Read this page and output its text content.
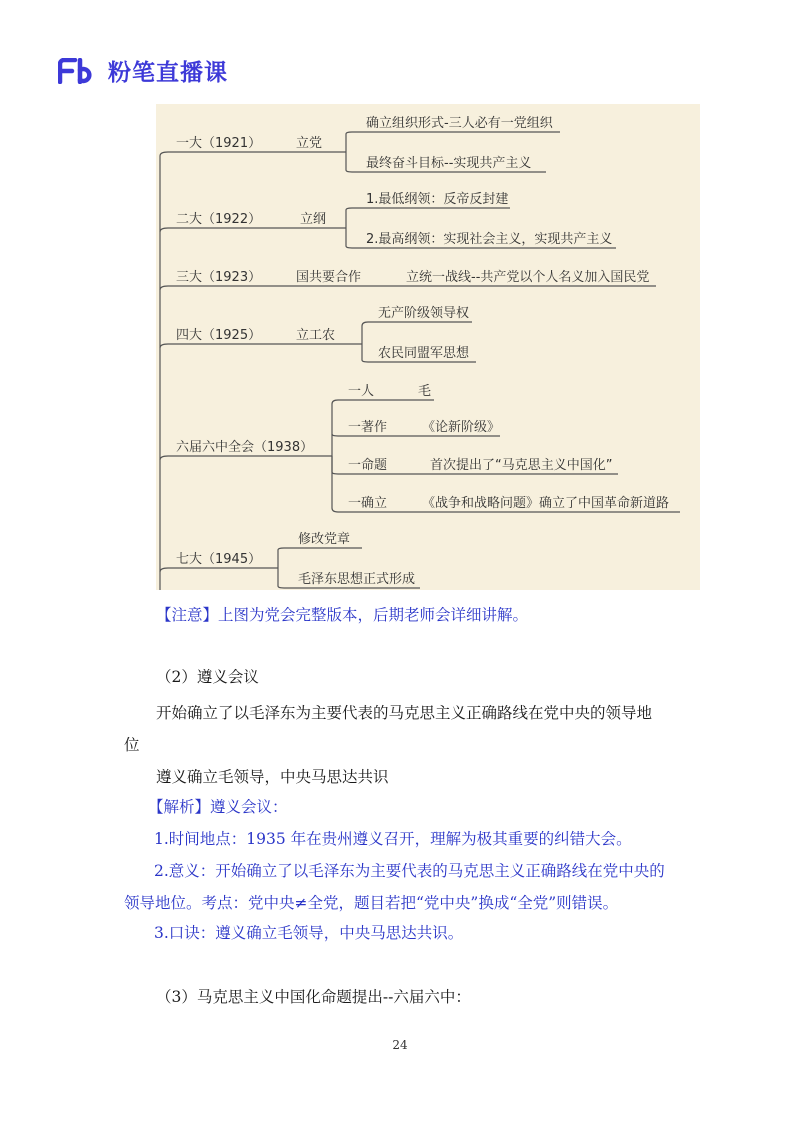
粉笔直播课
一大（1921）	立党
确立组织形式-三人必有一党组织
最终奋斗目标--实现共产主义
二大（1922）	立纲
1.最低纲领：反帝反封建
2.最高纲领：实现社会主义，实现共产主义
三大（1923）	国共要合作	立统一战线--共产党以个人名义加入国民党
四大（1925）	立工农
无产阶级领导权
农民同盟军思想
六届六中全会（1938）
一人	毛
一著作	《论新阶级》
一命题	首次提出了“马克思主义中国化”
一确立	《战争和战略问题》确立了中国革命新道路
七大（1945）
修改党章
毛泽东思想正式形成
【注意】上图为党会完整版本，后期老师会详细讲解。
（2）遵义会议
开始确立了以毛泽东为主要代表的马克思主义正确路线在党中央的领导地
位
遵义确立毛领导，中央马思达共识
【解析】遵义会议：
1.时间地点：1935 年在贵州遵义召开，理解为极其重要的纠错大会。
2.意义：开始确立了以毛泽东为主要代表的马克思主义正确路线在党中央的
领导地位。考点：党中央≠全党，题目若把“党中央”换成“全党”则错误。
3.口诀：遵义确立毛领导，中央马思达共识。
（3）马克思主义中国化命题提出--六届六中：
24
